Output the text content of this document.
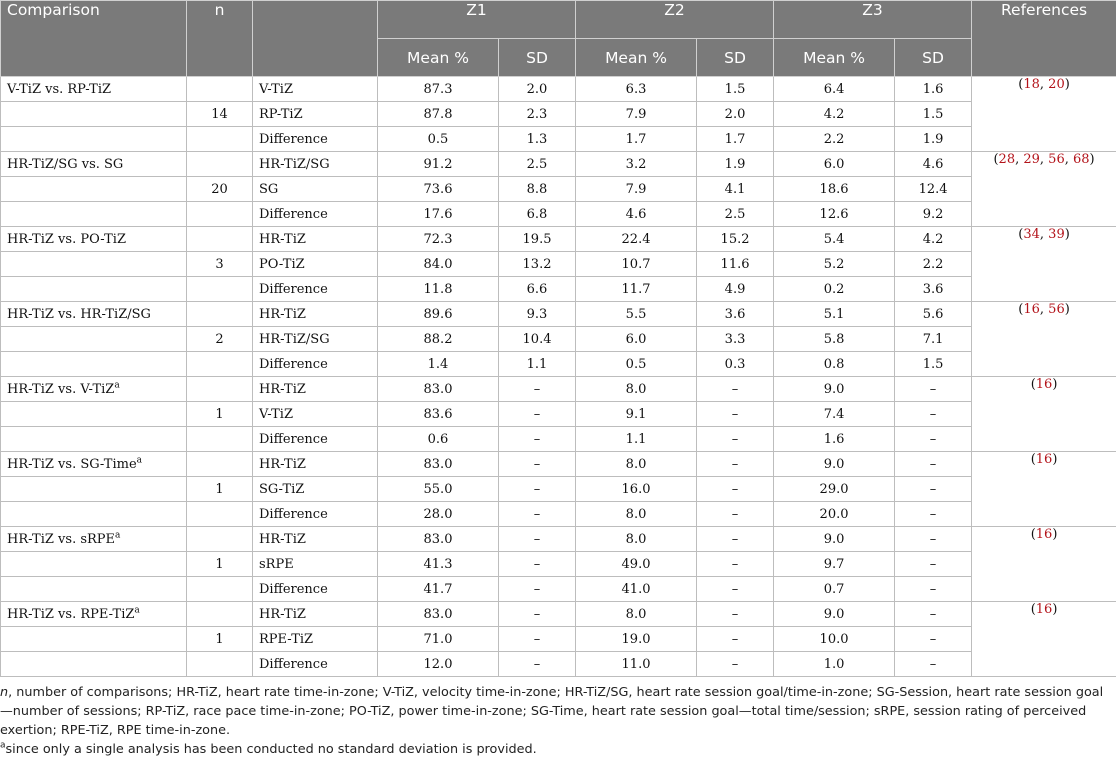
Comparison	n		Z1		Z2		Z3		References
			Mean %	SD	Mean %	SD	Mean %	SD	
V-TiZ vs. RP-TiZ		V-TiZ	87.3	2.0	6.3	1.5	6.4	1.6	(18, 20)
	14	RP-TiZ	87.8	2.3	7.9	2.0	4.2	1.5	
		Difference	0.5	1.3	1.7	1.7	2.2	1.9	
HR-TiZ/SG vs. SG		HR-TiZ/SG	91.2	2.5	3.2	1.9	6.0	4.6	(28, 29, 56, 68)
	20	SG	73.6	8.8	7.9	4.1	18.6	12.4	
		Difference	17.6	6.8	4.6	2.5	12.6	9.2	
HR-TiZ vs. PO-TiZ		HR-TiZ	72.3	19.5	22.4	15.2	5.4	4.2	(34, 39)
	3	PO-TiZ	84.0	13.2	10.7	11.6	5.2	2.2	
		Difference	11.8	6.6	11.7	4.9	0.2	3.6	
HR-TiZ vs. HR-TiZ/SG		HR-TiZ	89.6	9.3	5.5	3.6	5.1	5.6	(16, 56)
	2	HR-TiZ/SG	88.2	10.4	6.0	3.3	5.8	7.1	
		Difference	1.4	1.1	0.5	0.3	0.8	1.5	
HR-TiZ vs. V-TiZ$^a$		HR-TiZ	83.0	–	8.0	–	9.0	–	(16)
	1	V-TiZ	83.6	–	9.1	–	7.4	–	
		Difference	0.6	–	1.1	–	1.6	–	
HR-TiZ vs. SG-Time$^a$		HR-TiZ	83.0	–	8.0	–	9.0	–	(16)
	1	SG-TiZ	55.0	–	16.0	–	29.0	–	
		Difference	28.0	–	8.0	–	20.0	–	
HR-TiZ vs. sRPE$^a$		HR-TiZ	83.0	–	8.0	–	9.0	–	(16)
	1	sRPE	41.3	–	49.0	–	9.7	–	
		Difference	41.7	–	41.0	–	0.7	–	
HR-TiZ vs. RPE-TiZ$^a$		HR-TiZ	83.0	–	8.0	–	9.0	–	(16)
	1	RPE-TiZ	71.0	–	19.0	–	10.0	–	
		Difference	12.0	–	11.0	–	1.0	–	

n, number of comparisons; HR-TiZ, heart rate time-in-zone; V-TiZ, velocity time-in-zone; HR-TiZ/SG, heart rate session goal/time-in-zone; SG-Session, heart rate session goal—number of sessions; RP-TiZ, race pace time-in-zone; PO-TiZ, power time-in-zone; SG-Time, heart rate session goal—total time/session; sRPE, session rating of perceived exertion; RPE-TiZ, RPE time-in-zone.

$^a$since only a single analysis has been conducted no standard deviation is provided.
